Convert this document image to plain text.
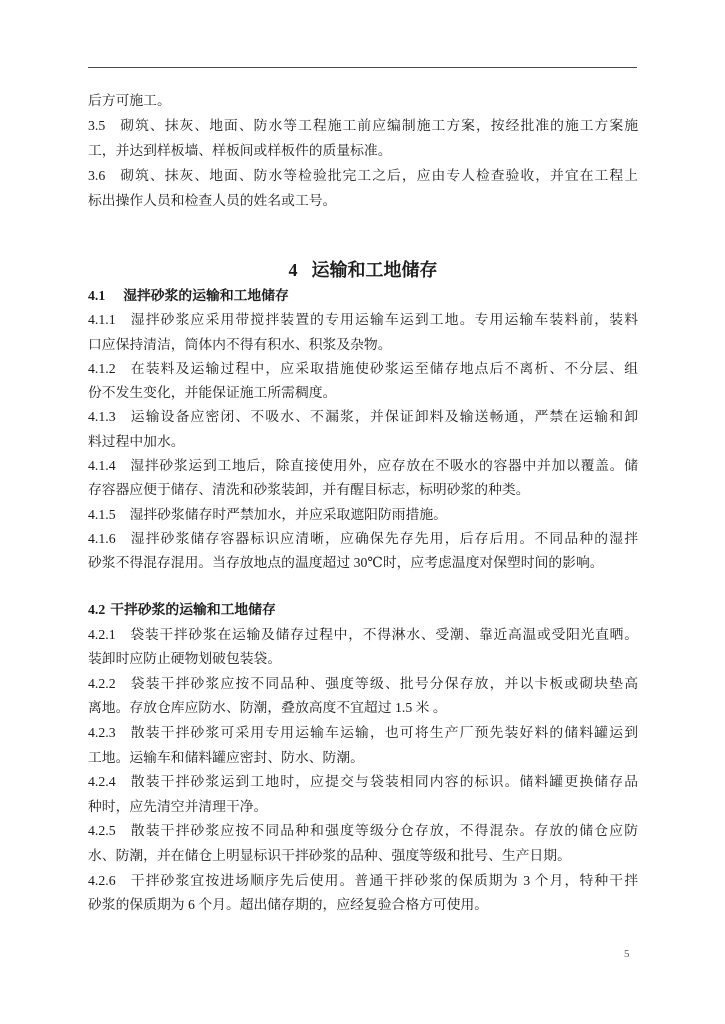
后方可施工。
3.5 砌筑、抹灰、地面、防水等工程施工前应编制施工方案，按经批准的施工方案施
工，并达到样板墙、样板间或样板件的质量标准。
3.6 砌筑、抹灰、地面、防水等检验批完工之后，应由专人检查验收，并宜在工程上
标出操作人员和检查人员的姓名或工号。
4 运输和工地储存
4.1 湿拌砂浆的运输和工地储存
4.1.1 湿拌砂浆应采用带搅拌装置的专用运输车运到工地。专用运输车装料前，装料
口应保持清洁，筒体内不得有积水、积浆及杂物。
4.1.2 在装料及运输过程中，应采取措施使砂浆运至储存地点后不离析、不分层、组
份不发生变化，并能保证施工所需稠度。
4.1.3 运输设备应密闭、不吸水、不漏浆，并保证卸料及输送畅通，严禁在运输和卸
料过程中加水。
4.1.4 湿拌砂浆运到工地后，除直接使用外，应存放在不吸水的容器中并加以覆盖。储
存容器应便于储存、清洗和砂浆装卸，并有醒目标志，标明砂浆的种类。
4.1.5 湿拌砂浆储存时严禁加水，并应采取遮阳防雨措施。
4.1.6 湿拌砂浆储存容器标识应清晰，应确保先存先用，后存后用。不同品种的湿拌
砂浆不得混存混用。当存放地点的温度超过 30℃时，应考虑温度对保塑时间的影响。
4.2 干拌砂浆的运输和工地储存
4.2.1 袋装干拌砂浆在运输及储存过程中，不得淋水、受潮、靠近高温或受阳光直晒。
装卸时应防止硬物划破包装袋。
4.2.2 袋装干拌砂浆应按不同品种、强度等级、批号分保存放，并以卡板或砌块垫高
离地。存放仓库应防水、防潮，叠放高度不宜超过 1.5 米 。
4.2.3 散装干拌砂浆可采用专用运输车运输，也可将生产厂预先装好料的储料罐运到
工地。运输车和储料罐应密封、防水、防潮。
4.2.4 散装干拌砂浆运到工地时，应提交与袋装相同内容的标识。储料罐更换储存品
种时，应先清空并清理干净。
4.2.5 散装干拌砂浆应按不同品种和强度等级分仓存放，不得混杂。存放的储仓应防
水、防潮，并在储仓上明显标识干拌砂浆的品种、强度等级和批号、生产日期。
4.2.6 干拌砂浆宜按进场顺序先后使用。普通干拌砂浆的保质期为 3 个月，特种干拌
砂浆的保质期为 6 个月。超出储存期的，应经复验合格方可使用。
5
